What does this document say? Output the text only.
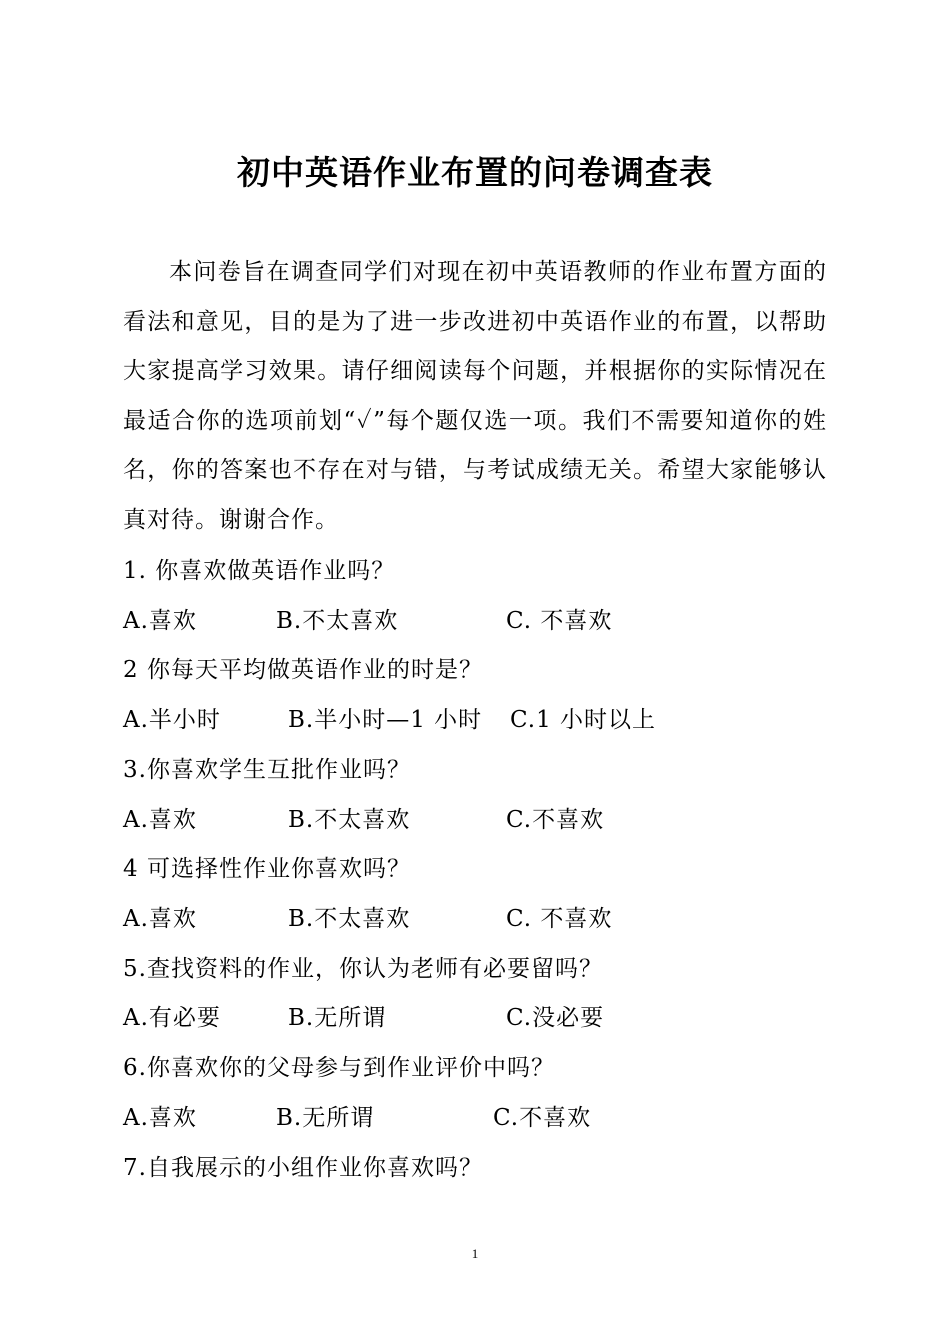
初中英语作业布置的问卷调查表
本问卷旨在调查同学们对现在初中英语教师的作业布置方面的看法和意见，目的是为了进一步改进初中英语作业的布置，以帮助大家提高学习效果。请仔细阅读每个问题，并根据你的实际情况在最适合你的选项前划“✓”每个题仅选一项。我们不需要知道你的姓名，你的答案也不存在对与错，与考试成绩无关。希望大家能够认真对待。谢谢合作。
1. 你喜欢做英语作业吗？
A.喜欢	B.不太喜欢	C. 不喜欢
2 你每天平均做英语作业的时是？
A.半小时	B.半小时—1 小时 C.1 小时以上
3.你喜欢学生互批作业吗？
A.喜欢	B.不太喜欢	C.不喜欢
4 可选择性作业你喜欢吗？
A.喜欢	B.不太喜欢	C. 不喜欢
5.查找资料的作业，你认为老师有必要留吗？
A.有必要	B.无所谓	C.没必要
6.你喜欢你的父母参与到作业评价中吗？
A.喜欢	B.无所谓	C.不喜欢
7.自我展示的小组作业你喜欢吗？
1
